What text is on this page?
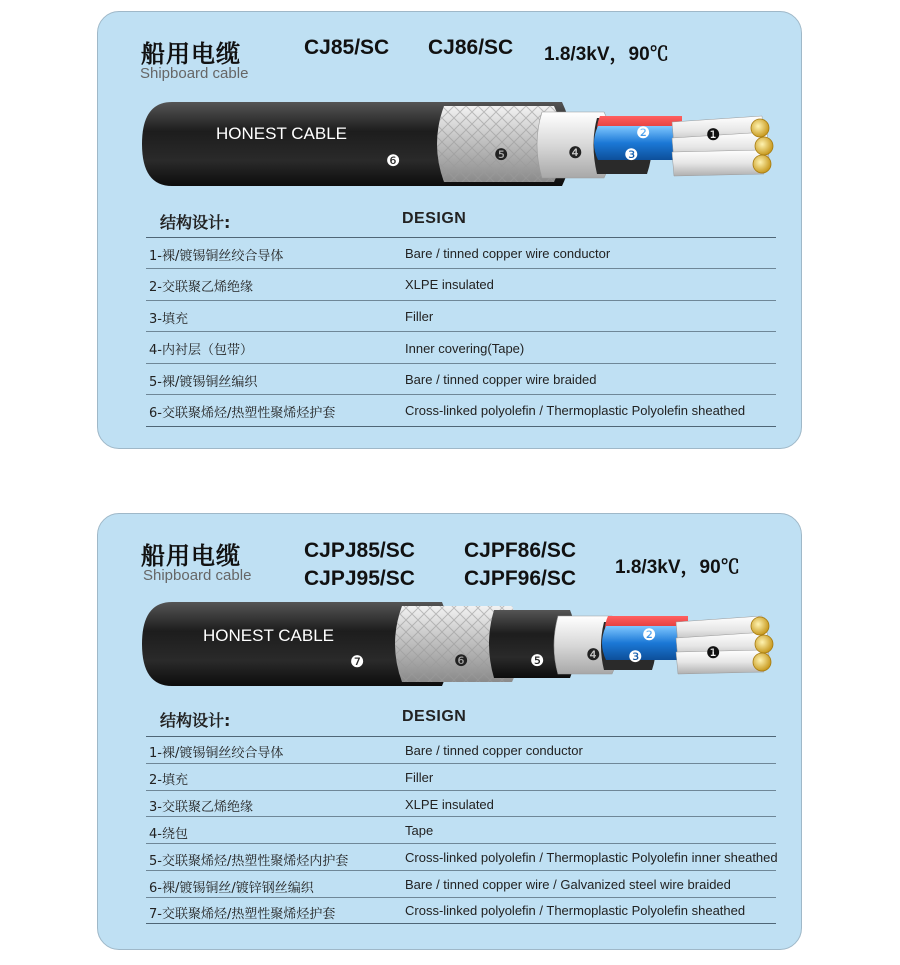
船用电缆
Shipboard cable
CJ85/SC CJ86/SC 1.8/3kV，90℃
HONEST CABLE
❻	❺	❹
❷
❸
❶
结构设计:	DESIGN
1-裸/镀锡铜丝绞合导体	Bare / tinned copper wire conductor
2-交联聚乙烯绝缘	XLPE insulated
3-填充	Filler
4-内衬层（包带）	Inner covering(Tape)
5-裸/镀锡铜丝编织	Bare / tinned copper wire braided
6-交联聚烯烃/热塑性聚烯烃护套	Cross-linked polyolefin / Thermoplastic Polyolefin sheathed
船用电缆
Shipboard cable
CJPJ85/SC CJPF86/SC
CJPJ95/SC CJPF96/SC 1.8/3kV，90℃
HONEST CABLE
❼	❻	❺	❹
❷
❸	❶
结构设计:	DESIGN
1-裸/镀锡铜丝绞合导体	Bare / tinned copper conductor
2-填充	Filler
3-交联聚乙烯绝缘	XLPE insulated
4-绕包	Tape
5-交联聚烯烃/热塑性聚烯烃内护套	Cross-linked polyolefin / Thermoplastic Polyolefin inner sheathed
6-裸/镀锡铜丝/镀锌钢丝编织	Bare / tinned copper wire / Galvanized steel wire braided
7-交联聚烯烃/热塑性聚烯烃护套	Cross-linked polyolefin / Thermoplastic Polyolefin sheathed
